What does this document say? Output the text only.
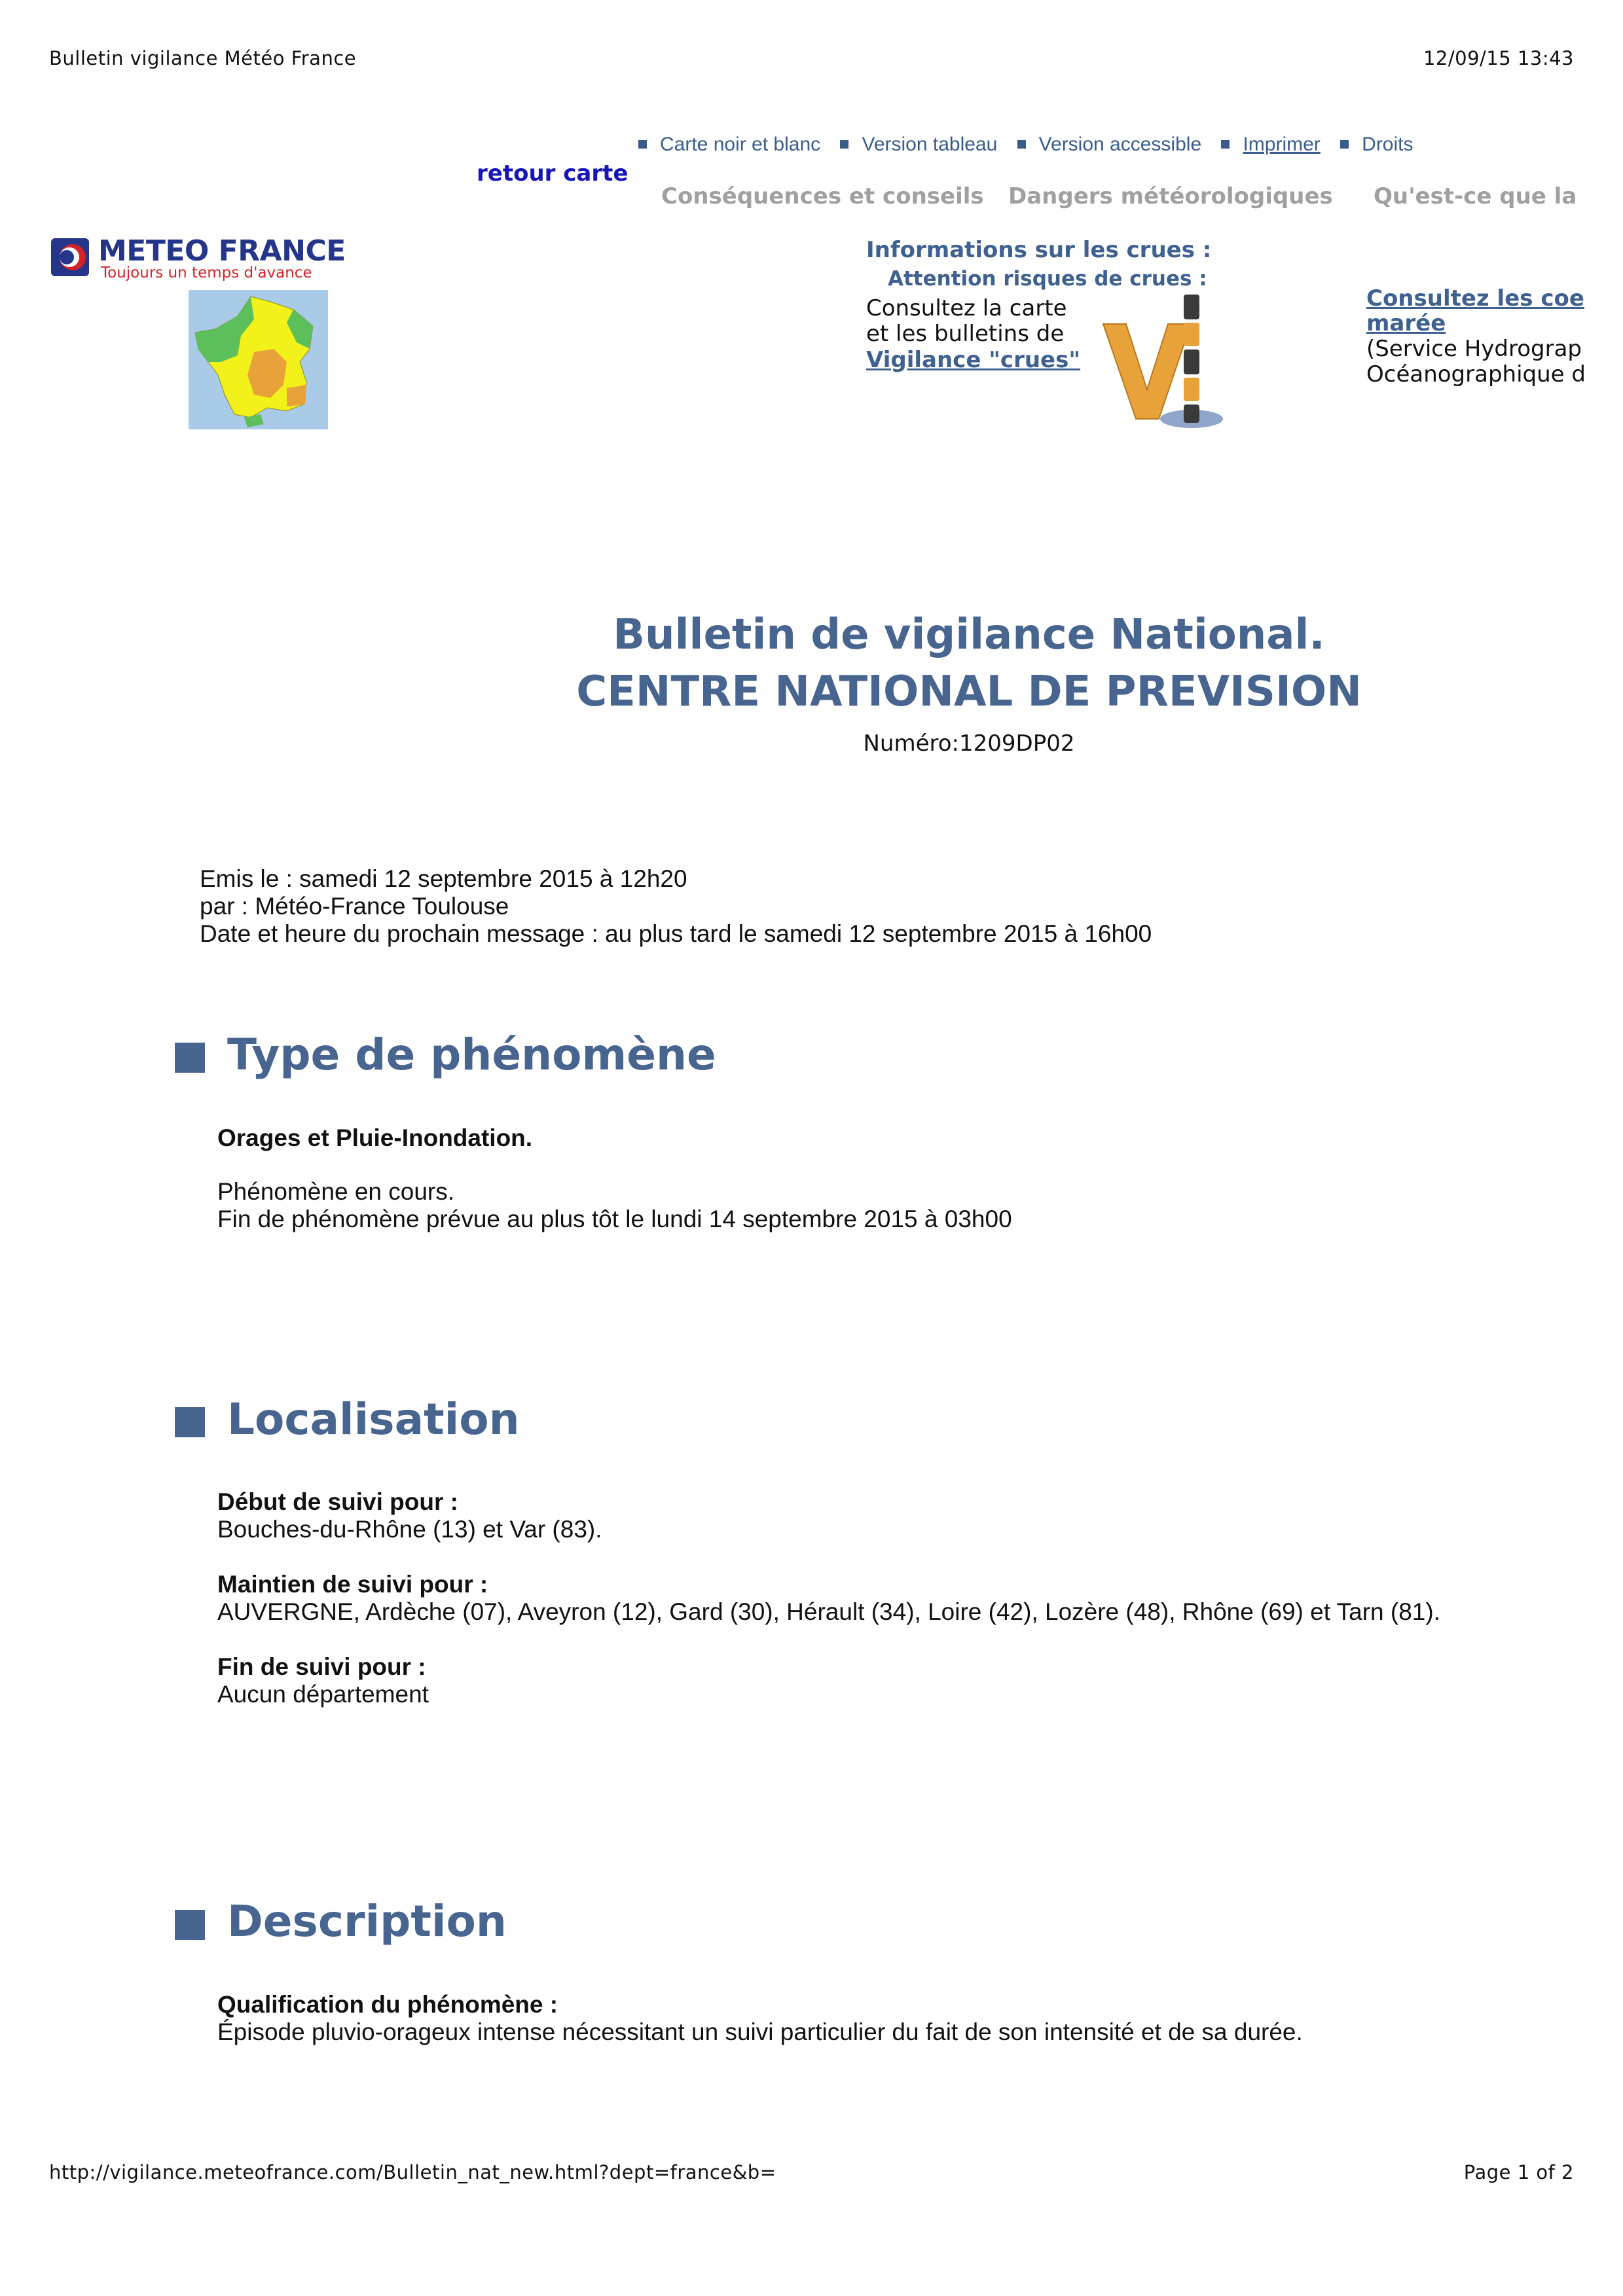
Bulletin vigilance Météo France	12/09/15 13:43
Carte noir et blanc Version tableau Version accessible Imprimer Droits
retour carte
Conséquences et conseils Dangers météorologiques Qu'est-ce que la
METEO FRANCE
Toujours un temps d'avance
Informations sur les crues :
Attention risques de crues :
Consultez la carte
et les bulletins de
Vigilance "crues"
Consultez les coe
marée
(Service Hydrograp
Océanographique d
Bulletin de vigilance National.
CENTRE NATIONAL DE PREVISION
Numéro:1209DP02
Emis le : samedi 12 septembre 2015 à 12h20
par : Météo-France Toulouse
Date et heure du prochain message : au plus tard le samedi 12 septembre 2015 à 16h00
Type de phénomène
Orages et Pluie-Inondation.
Phénomène en cours.
Fin de phénomène prévue au plus tôt le lundi 14 septembre 2015 à 03h00
Localisation
Début de suivi pour :
Bouches-du-Rhône (13) et Var (83).
Maintien de suivi pour :
AUVERGNE, Ardèche (07), Aveyron (12), Gard (30), Hérault (34), Loire (42), Lozère (48), Rhône (69) et Tarn (81).
Fin de suivi pour :
Aucun département
Description
Qualification du phénomène :
Épisode pluvio-orageux intense nécessitant un suivi particulier du fait de son intensité et de sa durée.
http://vigilance.meteofrance.com/Bulletin_nat_new.html?dept=france&b=	Page 1 of 2
